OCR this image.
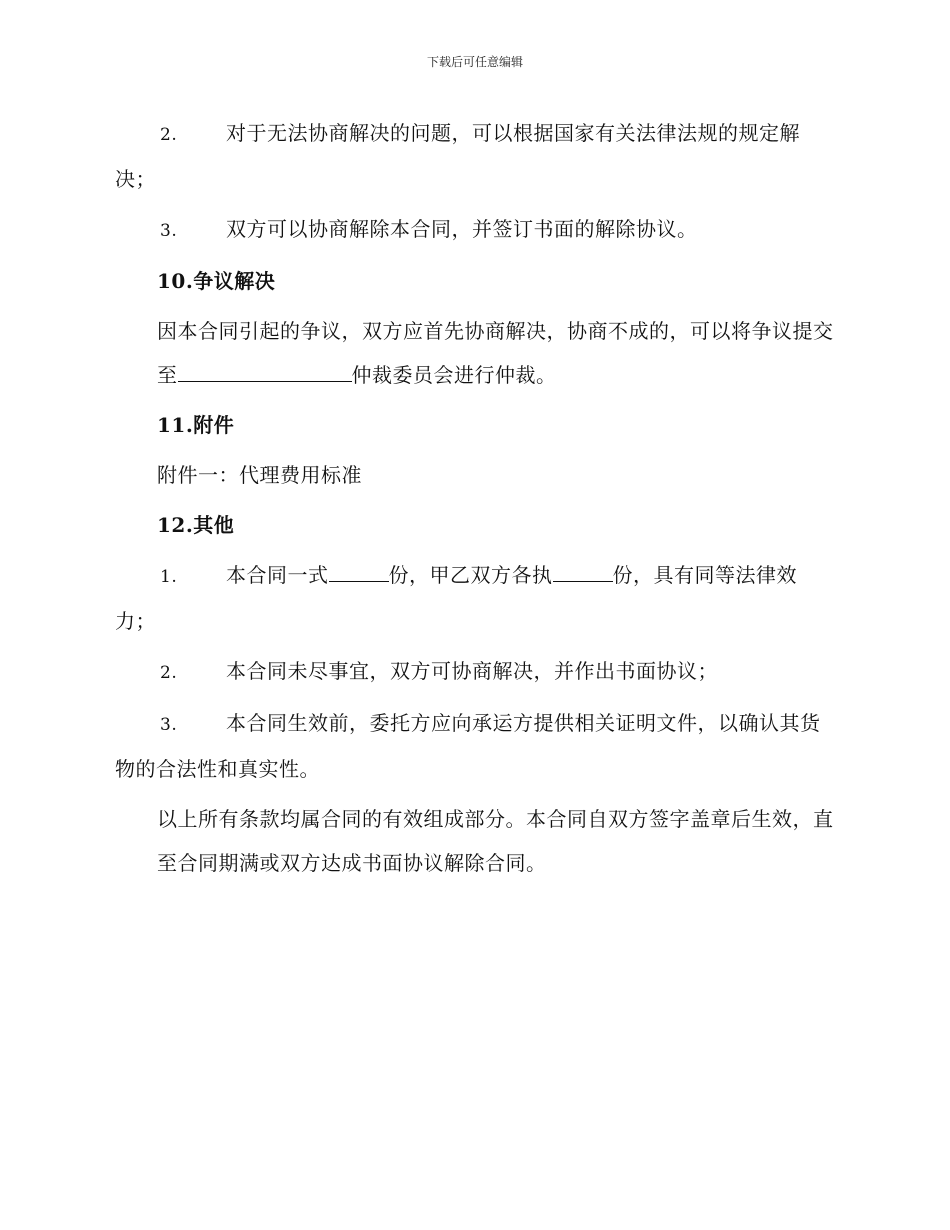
下载后可任意编辑

2. 对于无法协商解决的问题，可以根据国家有关法律法规的规定解决；

3. 双方可以协商解除本合同，并签订书面的解除协议。

10.争议解决

因本合同引起的争议，双方应首先协商解决，协商不成的，可以将争议提交至	仲裁委员会进行仲裁。

11.附件

附件一：代理费用标准

12.其他

1. 本合同一式	份，甲乙双方各执	份，具有同等法律效力；

2. 本合同未尽事宜，双方可协商解决，并作出书面协议；

3. 本合同生效前，委托方应向承运方提供相关证明文件，以确认其货物的合法性和真实性。

以上所有条款均属合同的有效组成部分。本合同自双方签字盖章后生效，直至合同期满或双方达成书面协议解除合同。
